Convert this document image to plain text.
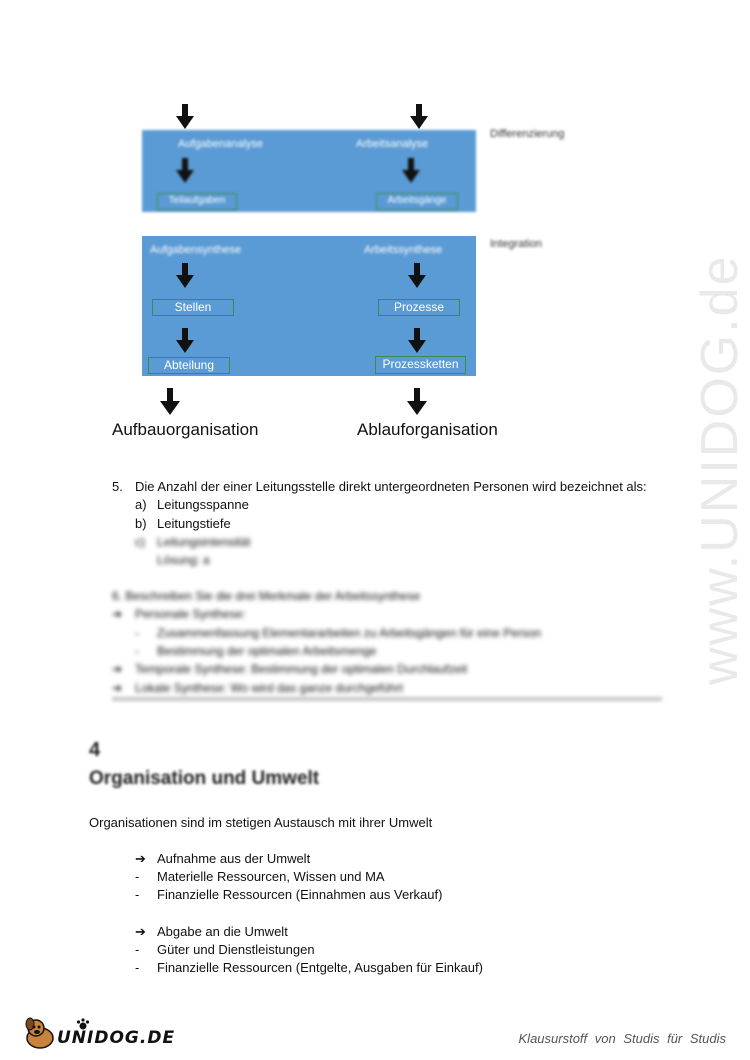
Aufgabenanalyse	Arbeitsanalyse
Teilaufgaben	Arbeitsgänge
Differenzierung
Aufgabensynthese	Arbeitssynthese	Integration
Stellen	Prozesse
Abteilung	Prozessketten
Aufbauorganisation	Ablauforganisation
5. Die Anzahl der einer Leitungsstelle direkt untergeordneten Personen wird bezeichnet als:
a) Leitungsspanne
b) Leitungstiefe
c) Leitungsintensität
Lösung: a
6. Beschreiben Sie die drei Merkmale der Arbeitssynthese
➔ Personale Synthese:
- Zusammenfassung Elementararbeiten zu Arbeitsgängen für eine Person
- Bestimmung der optimalen Arbeitsmenge
➔ Temporale Synthese: Bestimmung der optimalen Durchlaufzeit
➔ Lokale Synthese: Wo wird das ganze durchgeführt
4
Organisation und Umwelt
Organisationen sind im stetigen Austausch mit ihrer Umwelt
➔ Aufnahme aus der Umwelt
- Materielle Ressourcen, Wissen und MA
- Finanzielle Ressourcen (Einnahmen aus Verkauf)
➔ Abgabe an die Umwelt
- Güter und Dienstleistungen
- Finanzielle Ressourcen (Entgelte, Ausgaben für Einkauf)
www.UNIDOG.de
UNIDOG.DE	Klausurstoff von Studis für Studis
